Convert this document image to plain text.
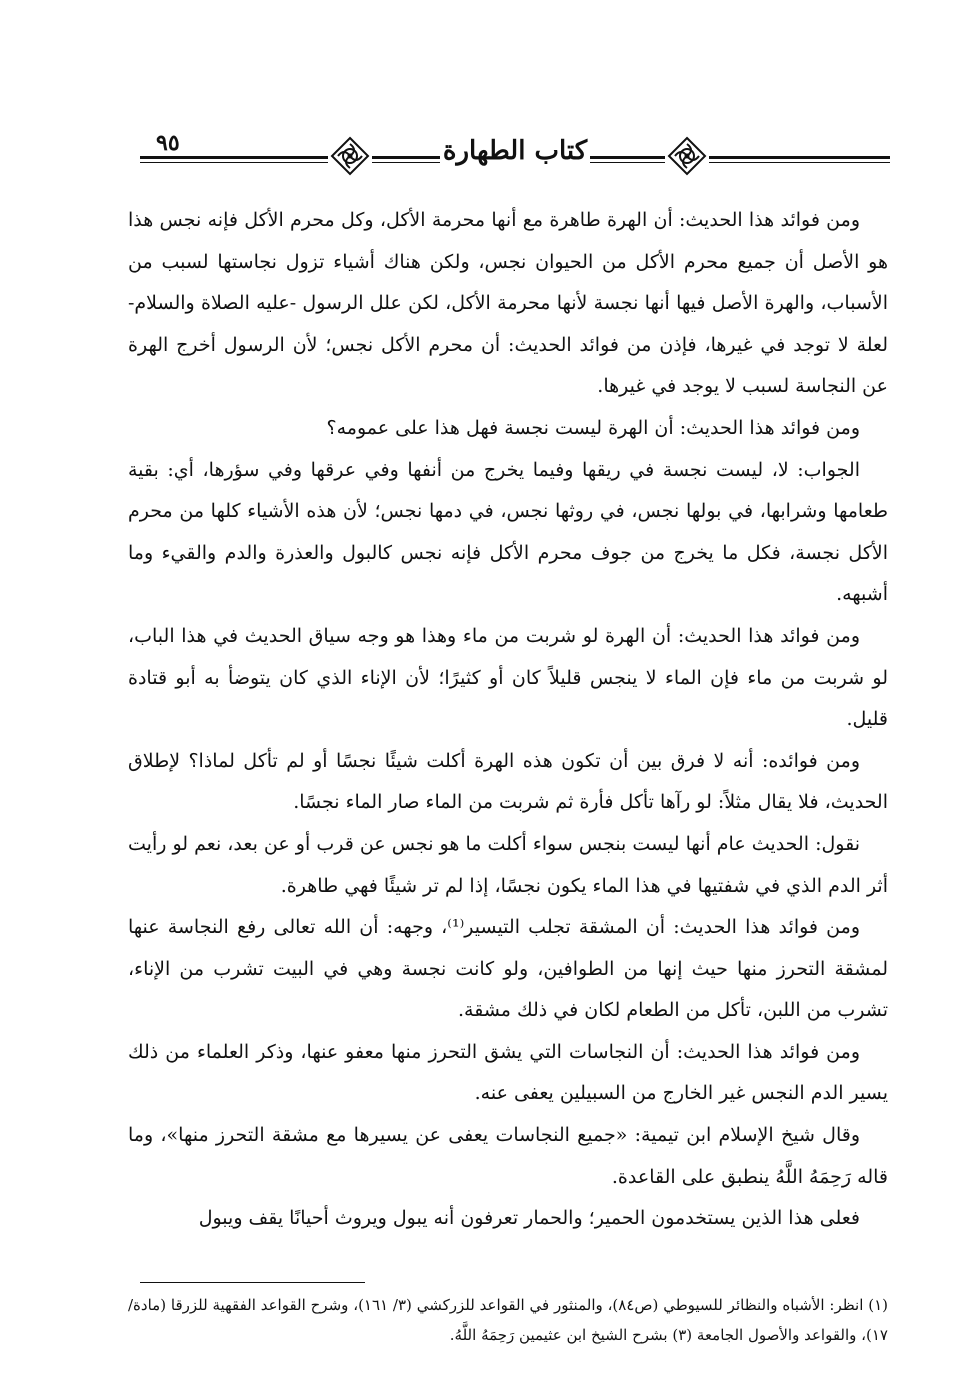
٩٥	كتاب الطهارة

ومن فوائد هذا الحديث: أن الهرة طاهرة مع أنها محرمة الأكل، وكل محرم الأكل فإنه نجس هذا هو الأصل أن جميع محرم الأكل من الحيوان نجس، ولكن هناك أشياء تزول نجاستها لسبب من الأسباب، والهرة الأصل فيها أنها نجسة لأنها محرمة الأكل، لكن علل الرسول -عليه الصلاة والسلام- لعلة لا توجد في غيرها، فإذن من فوائد الحديث: أن محرم الأكل نجس؛ لأن الرسول أخرج الهرة عن النجاسة لسبب لا يوجد في غيرها.

ومن فوائد هذا الحديث: أن الهرة ليست نجسة فهل هذا على عمومه؟

الجواب: لا، ليست نجسة في ريقها وفيما يخرج من أنفها وفي عرقها وفي سؤرها، أي: بقية طعامها وشرابها، في بولها نجس، في روثها نجس، في دمها نجس؛ لأن هذه الأشياء كلها من محرم الأكل نجسة، فكل ما يخرج من جوف محرم الأكل فإنه نجس كالبول والعذرة والدم والقيء وما أشبهه.

ومن فوائد هذا الحديث: أن الهرة لو شربت من ماء وهذا هو وجه سياق الحديث في هذا الباب، لو شربت من ماء فإن الماء لا ينجس قليلاً كان أو كثيرًا؛ لأن الإناء الذي كان يتوضأ به أبو قتادة قليل.

ومن فوائده: أنه لا فرق بين أن تكون هذه الهرة أكلت شيئًا نجسًا أو لم تأكل لماذا؟ لإطلاق الحديث، فلا يقال مثلاً: لو رآها تأكل فأرة ثم شربت من الماء صار الماء نجسًا.

نقول: الحديث عام أنها ليست بنجس سواء أكلت ما هو نجس عن قرب أو عن بعد، نعم لو رأيت أثر الدم الذي في شفتيها في هذا الماء يكون نجسًا، إذا لم تر شيئًا فهي طاهرة.

ومن فوائد هذا الحديث: أن المشقة تجلب التيسير⁽¹⁾، وجهه: أن الله تعالى رفع النجاسة عنها لمشقة التحرز منها حيث إنها من الطوافين، ولو كانت نجسة وهي في البيت تشرب من الإناء، تشرب من اللبن، تأكل من الطعام لكان في ذلك مشقة.

ومن فوائد هذا الحديث: أن النجاسات التي يشق التحرز منها معفو عنها، وذكر العلماء من ذلك يسير الدم النجس غير الخارج من السبيلين يعفى عنه.

وقال شيخ الإسلام ابن تيمية: «جميع النجاسات يعفى عن يسيرها مع مشقة التحرز منها»، وما قاله رَحِمَهُ اللَّهُ ينطبق على القاعدة.

فعلى هذا الذين يستخدمون الحمير؛ والحمار تعرفون أنه يبول ويروث أحيانًا يقف ويبول

(١) انظر: الأشباه والنظائر للسيوطي (ص٨٤)، والمنثور في القواعد للزركشي (٣/ ١٦١)، وشرح القواعد الفقهية للزرقا (مادة/ ١٧)، والقواعد والأصول الجامعة (٣) بشرح الشيخ ابن عثيمين رَحِمَهُ اللَّهُ.
